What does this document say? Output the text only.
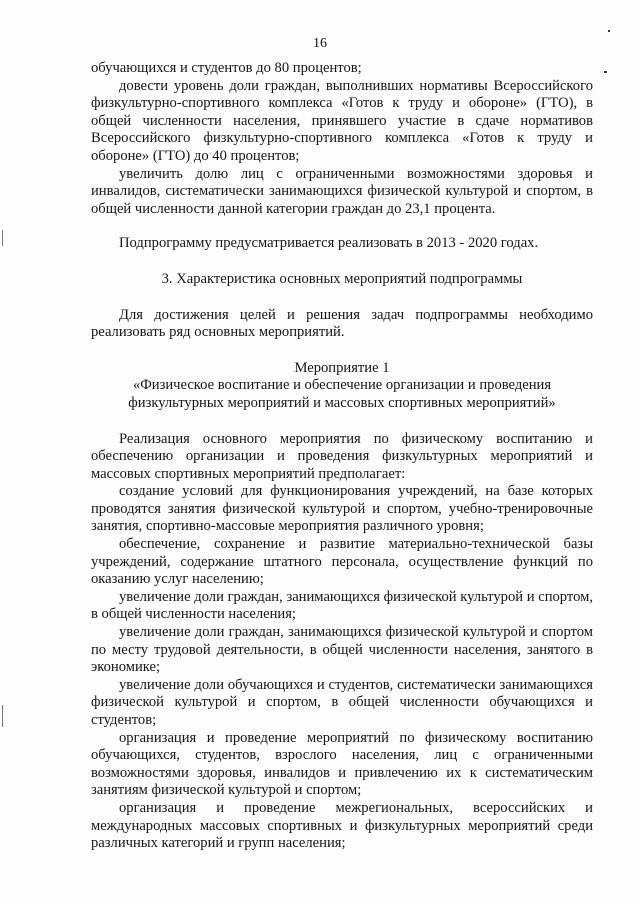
16

обучающихся и студентов до 80 процентов;

довести уровень доли граждан, выполнивших нормативы Всероссийского физкультурно-спортивного комплекса «Готов к труду и обороне» (ГТО), в общей численности населения, принявшего участие в сдаче нормативов Всероссийского физкультурно-спортивного комплекса «Готов к труду и обороне» (ГТО) до 40 процентов;

увеличить долю лиц с ограниченными возможностями здоровья и инвалидов, систематически занимающихся физической культурой и спортом, в общей численности данной категории граждан до 23,1 процента.

Подпрограмму предусматривается реализовать в 2013 - 2020 годах.

3. Характеристика основных мероприятий подпрограммы

Для достижения целей и решения задач подпрограммы необходимо реализовать ряд основных мероприятий.

Мероприятие 1

«Физическое воспитание и обеспечение организации и проведения физкультурных мероприятий и массовых спортивных мероприятий»

Реализация основного мероприятия по физическому воспитанию и обеспечению организации и проведения физкультурных мероприятий и массовых спортивных мероприятий предполагает:

создание условий для функционирования учреждений, на базе которых проводятся занятия физической культурой и спортом, учебно-тренировочные занятия, спортивно-массовые мероприятия различного уровня;

обеспечение, сохранение и развитие материально-технической базы учреждений, содержание штатного персонала, осуществление функций по оказанию услуг населению;

увеличение доли граждан, занимающихся физической культурой и спортом, в общей численности населения;

увеличение доли граждан, занимающихся физической культурой и спортом по месту трудовой деятельности, в общей численности населения, занятого в экономике;

увеличение доли обучающихся и студентов, систематически занимающихся физической культурой и спортом, в общей численности обучающихся и студентов;

организация и проведение мероприятий по физическому воспитанию обучающихся, студентов, взрослого населения, лиц с ограниченными возможностями здоровья, инвалидов и привлечению их к систематическим занятиям физической культурой и спортом;

организация и проведение межрегиональных, всероссийских и международных массовых спортивных и физкультурных мероприятий среди различных категорий и групп населения;
